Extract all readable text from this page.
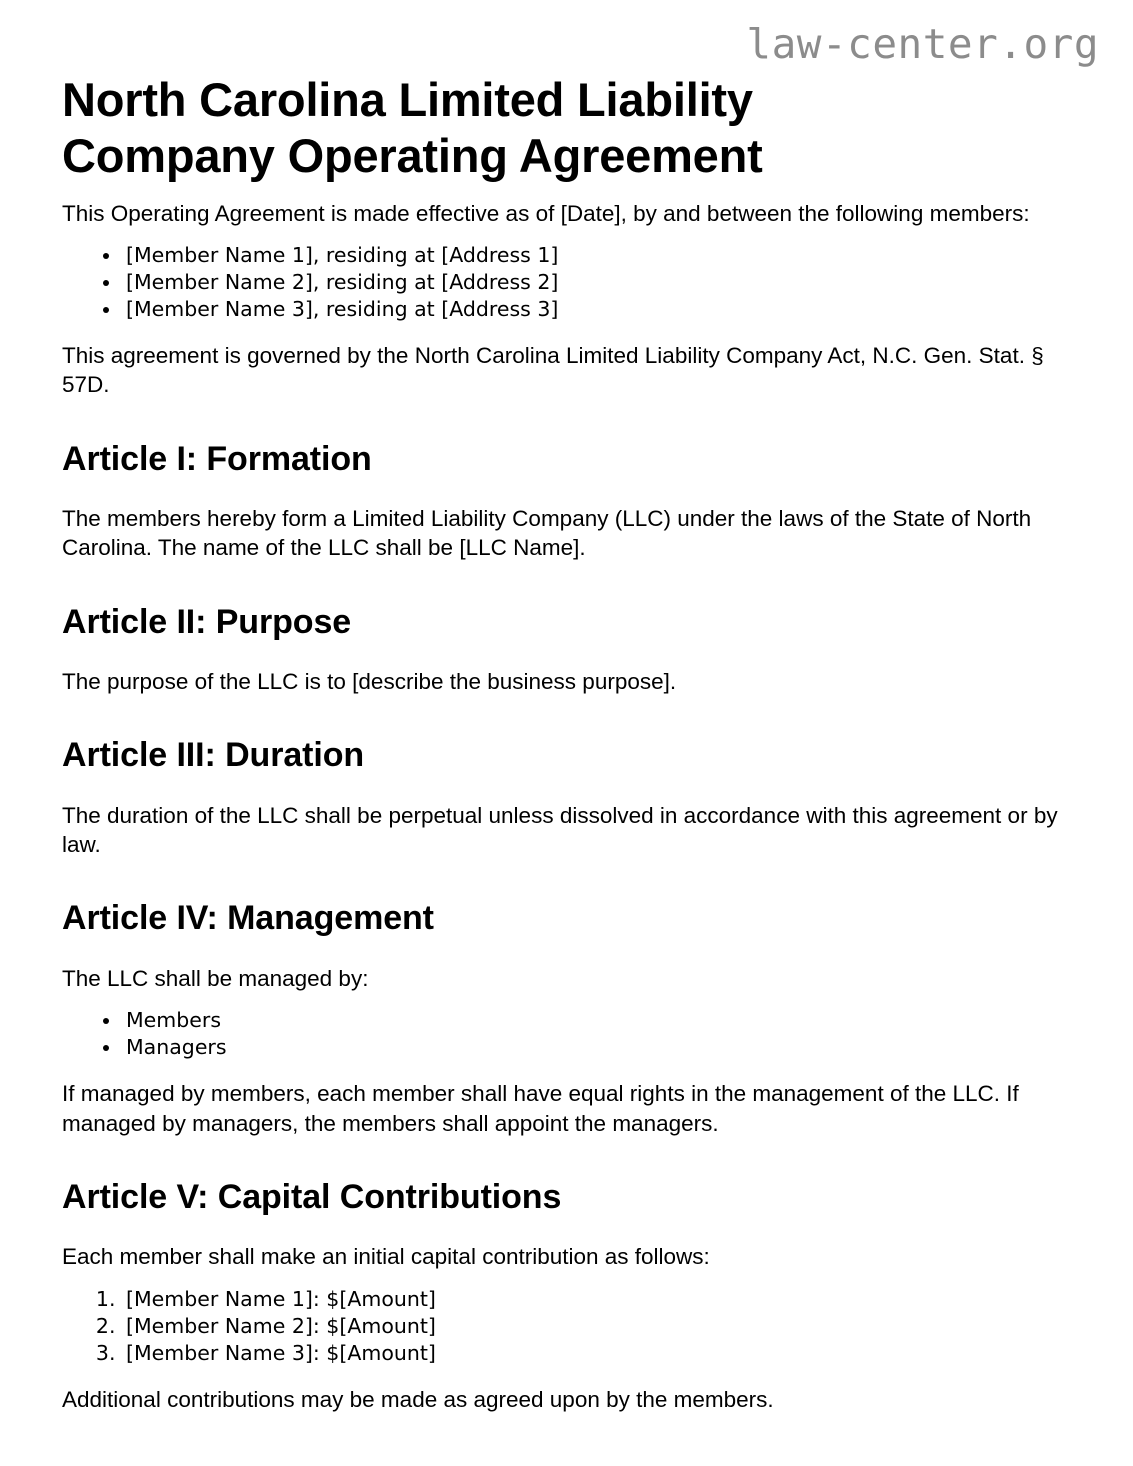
law-center.org
North Carolina Limited Liability Company Operating Agreement

This Operating Agreement is made effective as of [Date], by and between the following members:

• [Member Name 1], residing at [Address 1]
• [Member Name 2], residing at [Address 2]
• [Member Name 3], residing at [Address 3]

This agreement is governed by the North Carolina Limited Liability Company Act, N.C. Gen. Stat. § 57D.

Article I: Formation

The members hereby form a Limited Liability Company (LLC) under the laws of the State of North Carolina. The name of the LLC shall be [LLC Name].

Article II: Purpose

The purpose of the LLC is to [describe the business purpose].

Article III: Duration

The duration of the LLC shall be perpetual unless dissolved in accordance with this agreement or by law.

Article IV: Management

The LLC shall be managed by:

• Members
• Managers

If managed by members, each member shall have equal rights in the management of the LLC. If managed by managers, the members shall appoint the managers.

Article V: Capital Contributions

Each member shall make an initial capital contribution as follows:

1. [Member Name 1]: $[Amount]
2. [Member Name 2]: $[Amount]
3. [Member Name 3]: $[Amount]

Additional contributions may be made as agreed upon by the members.
